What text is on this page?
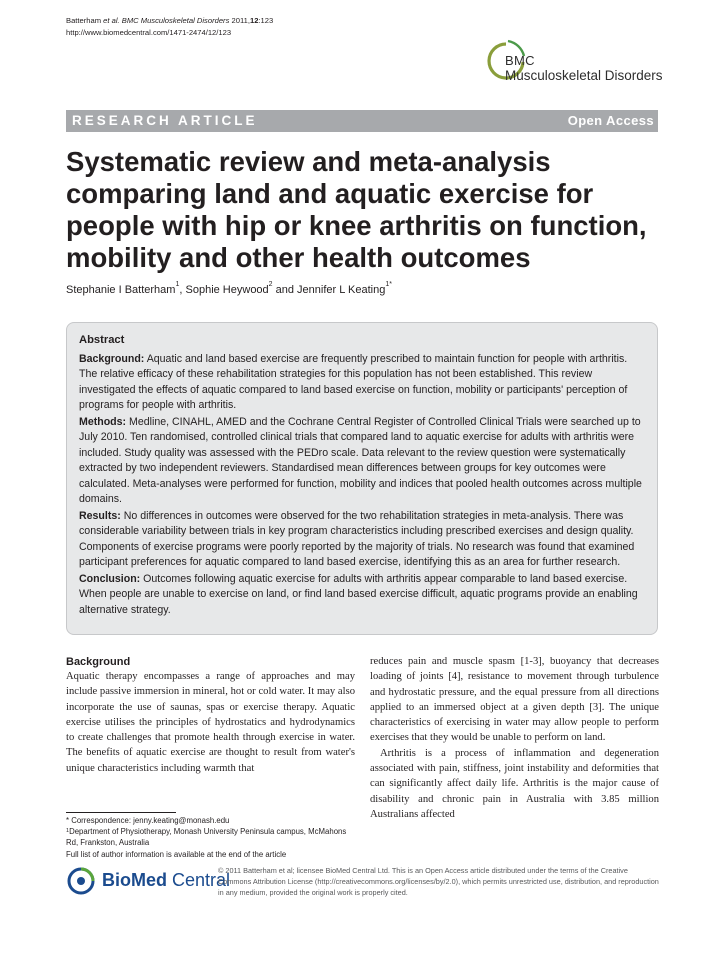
Batterham et al. BMC Musculoskeletal Disorders 2011,12:123
http://www.biomedcentral.com/1471-2474/12/123
BMC
Musculoskeletal Disorders
RESEARCH ARTICLE	Open Access
Systematic review and meta-analysis comparing land and aquatic exercise for people with hip or knee arthritis on function, mobility and other health outcomes
Stephanie I Batterham$^1$, Sophie Heywood$^2$ and Jennifer L Keating$^{1*}$
Abstract

Background: Aquatic and land based exercise are frequently prescribed to maintain function for people with arthritis. The relative efficacy of these rehabilitation strategies for this population has not been established. This review investigated the effects of aquatic compared to land based exercise on function, mobility or participants' perception of programs for people with arthritis.

Methods: Medline, CINAHL, AMED and the Cochrane Central Register of Controlled Clinical Trials were searched up to July 2010. Ten randomised, controlled clinical trials that compared land to aquatic exercise for adults with arthritis were included. Study quality was assessed with the PEDro scale. Data relevant to the review question were systematically extracted by two independent reviewers. Standardised mean differences between groups for key outcomes were calculated. Meta-analyses were performed for function, mobility and indices that pooled health outcomes across multiple domains.

Results: No differences in outcomes were observed for the two rehabilitation strategies in meta-analysis. There was considerable variability between trials in key program characteristics including prescribed exercises and design quality. Components of exercise programs were poorly reported by the majority of trials. No research was found that examined participant preferences for aquatic compared to land based exercise, identifying this as an area for further research.

Conclusion: Outcomes following aquatic exercise for adults with arthritis appear comparable to land based exercise. When people are unable to exercise on land, or find land based exercise difficult, aquatic programs provide an enabling alternative strategy.

Background

Aquatic therapy encompasses a range of approaches and may include passive immersion in mineral, hot or cold water. It may also incorporate the use of saunas, spas or exercise therapy. Aquatic exercise utilises the principles of hydrostatics and hydrodynamics to create challenges that promote health through exercise in water. The benefits of aquatic exercise are thought to result from water's unique characteristics including warmth that

reduces pain and muscle spasm [1-3], buoyancy that decreases loading of joints [4], resistance to movement through turbulence and hydrostatic pressure, and the equal pressure from all directions applied to an immersed object at a given depth [3]. The unique characteristics of exercising in water may allow people to perform exercises that they would be unable to perform on land.

Arthritis is a process of inflammation and degeneration associated with pain, stiffness, joint instability and deformities that can significantly affect daily life. Arthritis is the major cause of disability and chronic pain in Australia with 3.85 million Australians affected

* Correspondence: jenny.keating@monash.edu
$^1$Department of Physiotherapy, Monash University Peninsula campus, McMahons Rd, Frankston, Australia
Full list of author information is available at the end of the article
BioMed Central
© 2011 Batterham et al; licensee BioMed Central Ltd. This is an Open Access article distributed under the terms of the Creative Commons Attribution License (http://creativecommons.org/licenses/by/2.0), which permits unrestricted use, distribution, and reproduction in any medium, provided the original work is properly cited.
